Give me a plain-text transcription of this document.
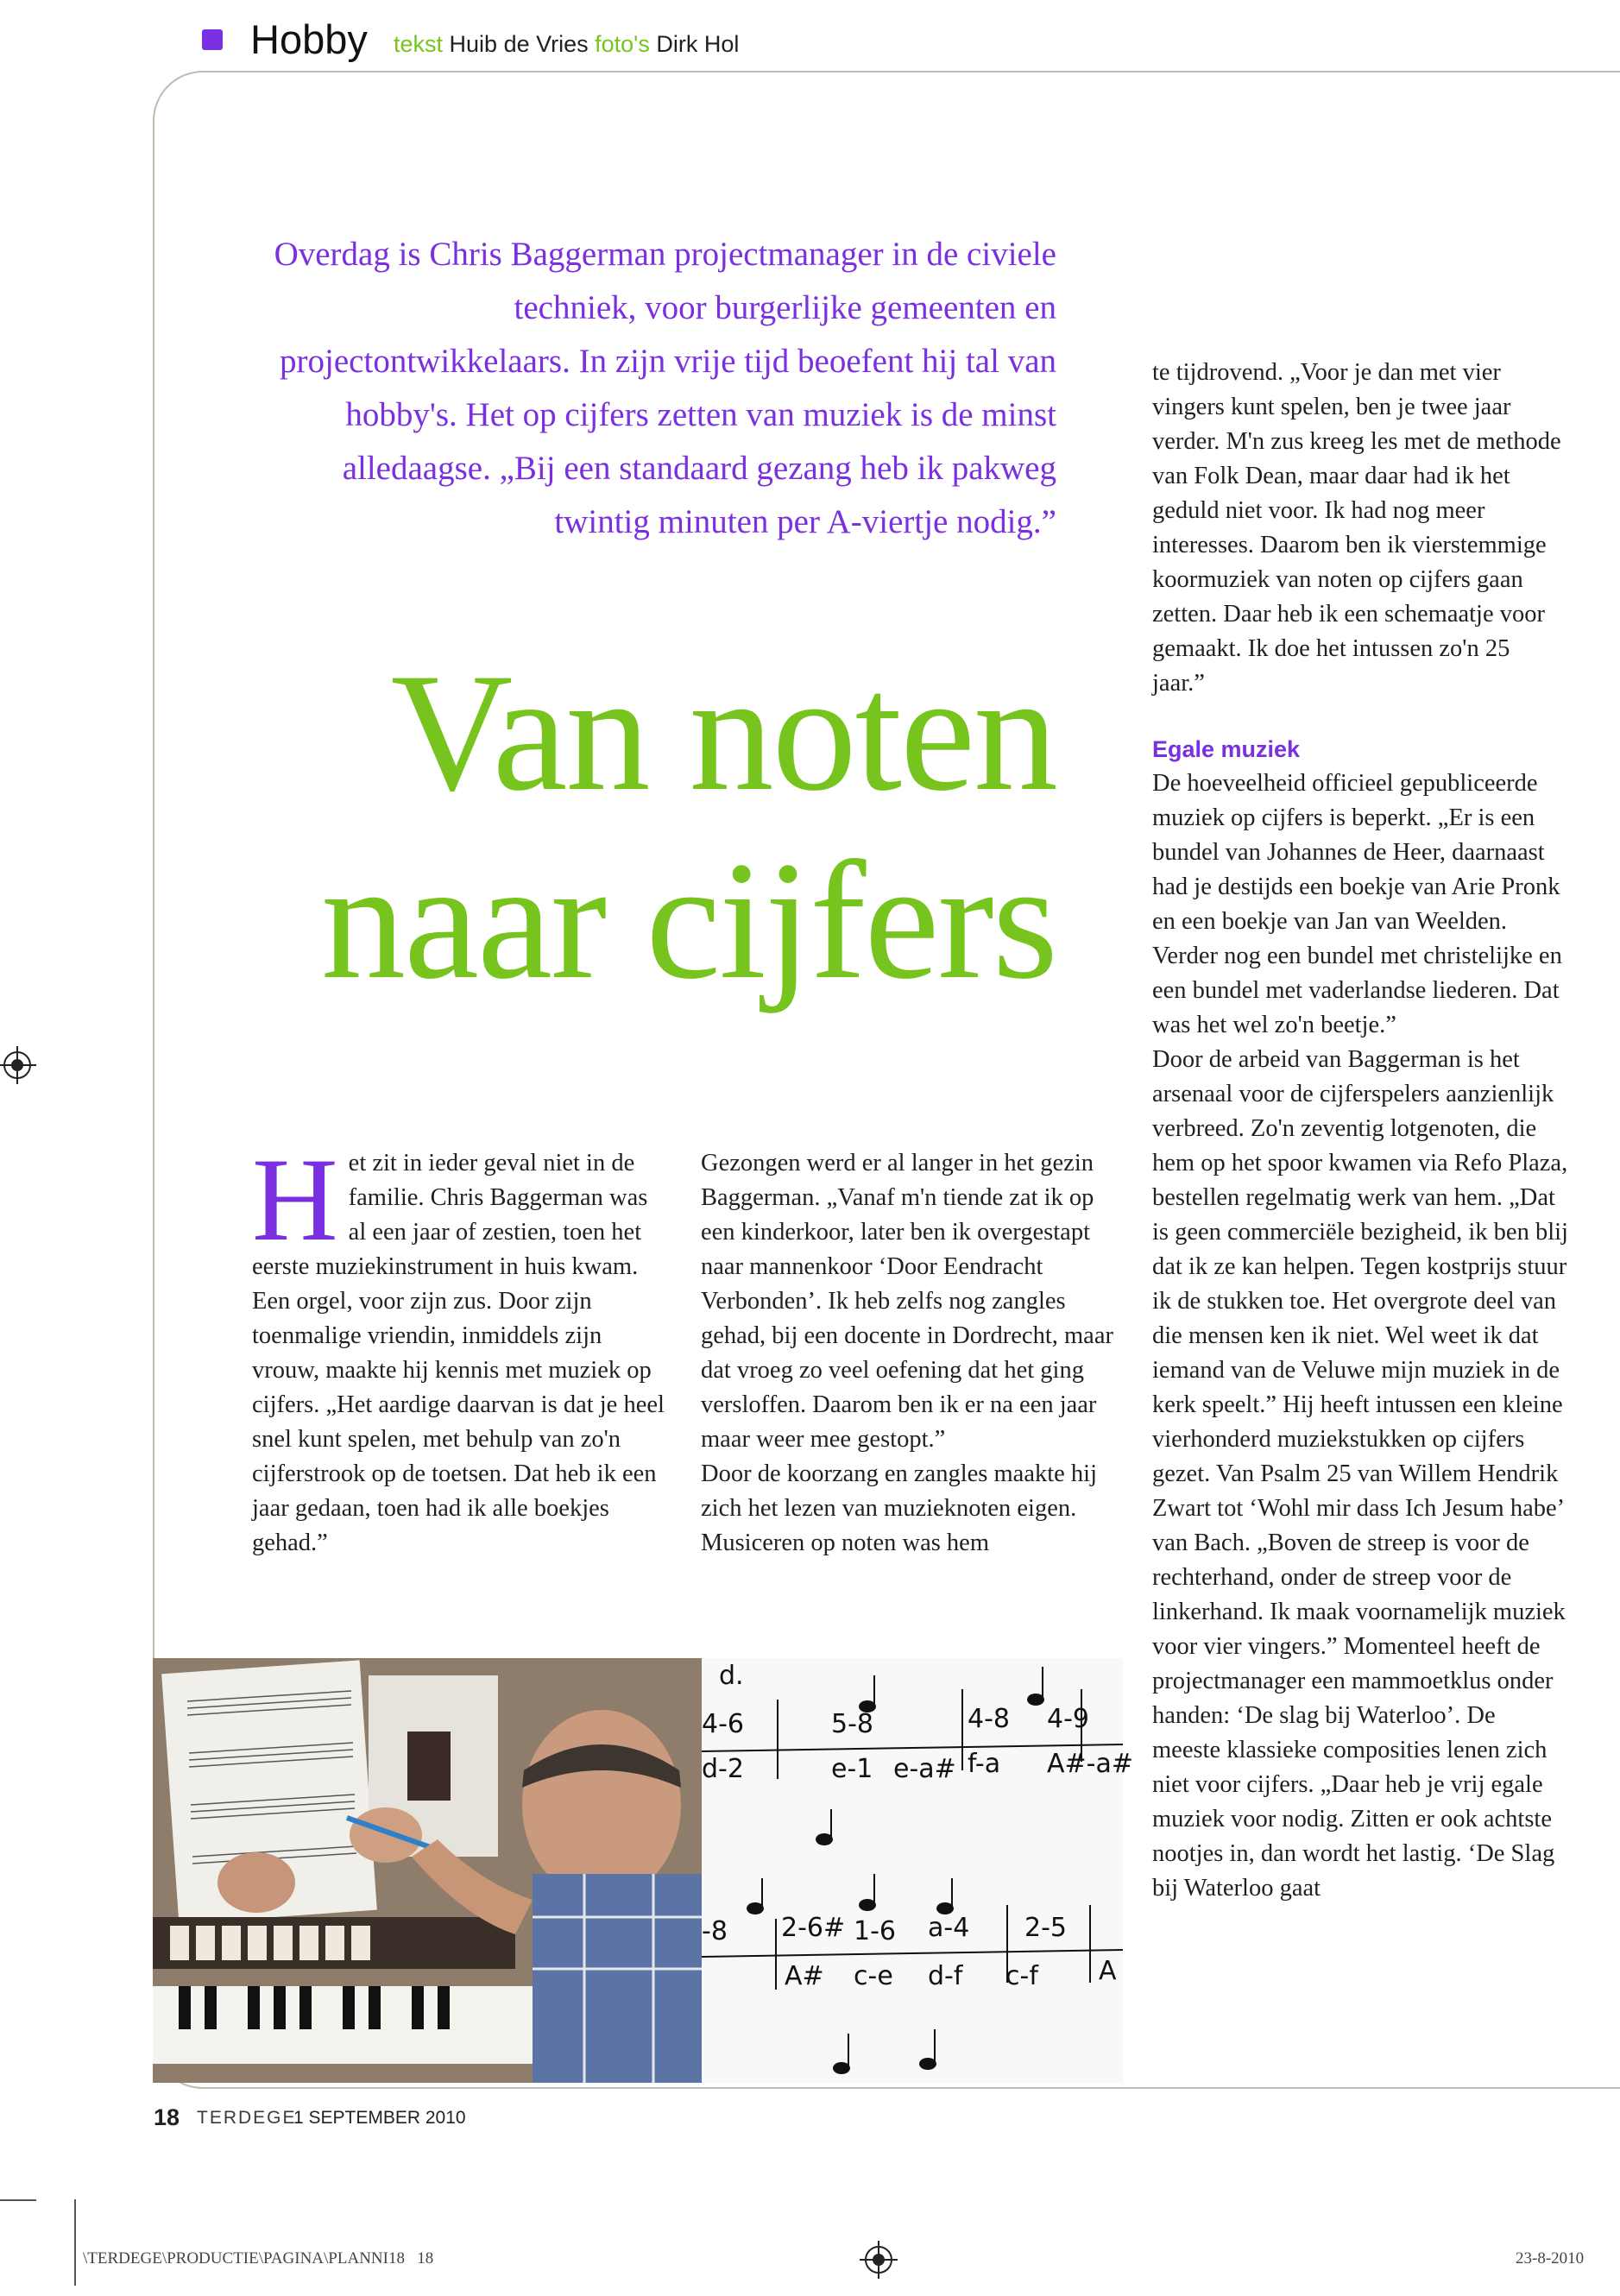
Hobby tekst Huib de Vries foto's Dirk Hol
Overdag is Chris Baggerman projectmanager in de civiele techniek, voor burgerlijke gemeenten en projectontwikkelaars. In zijn vrije tijd beoefent hij tal van hobby's. Het op cijfers zetten van muziek is de minst alledaagse. „Bij een standaard gezang heb ik pakweg twintig minuten per A-viertje nodig.”
Van noten
naar cijfers
H et zit in ieder geval niet in de familie. Chris Baggerman was al een jaar of zestien, toen het eerste muziekinstrument in huis kwam. Een orgel, voor zijn zus. Door zijn toenmalige vriendin, inmiddels zijn vrouw, maakte hij kennis met muziek op cijfers. „Het aardige daarvan is dat je heel snel kunt spelen, met behulp van zo'n cijferstrook op de toetsen. Dat heb ik een jaar gedaan, toen had ik alle boekjes gehad.”

Gezongen werd er al langer in het gezin Baggerman. „Vanaf m'n tiende zat ik op een kinderkoor, later ben ik overgestapt naar mannenkoor ‘Door Eendracht Verbonden’. Ik heb zelfs nog zangles gehad, bij een docente in Dordrecht, maar dat vroeg zo veel oefening dat het ging versloffen. Daarom ben ik er na een jaar maar weer mee gestopt.”

Door de koorzang en zangles maakte hij zich het lezen van muzieknoten eigen. Musiceren op noten was hem

te tijdrovend. „Voor je dan met vier vingers kunt spelen, ben je twee jaar verder. M'n zus kreeg les met de methode van Folk Dean, maar daar had ik het geduld niet voor. Ik had nog meer interesses. Daarom ben ik vierstemmige koormuziek van noten op cijfers gaan zetten. Daar heb ik een schemaatje voor gemaakt. Ik doe het intussen zo'n 25 jaar.”

Egale muziek

De hoeveelheid officieel gepubliceerde muziek op cijfers is beperkt. „Er is een bundel van Johannes de Heer, daarnaast had je destijds een boekje van Arie Pronk en een boekje van Jan van Weelden. Verder nog een bundel met christelijke en een bundel met vaderlandse liederen. Dat was het wel zo'n beetje.”

Door de arbeid van Baggerman is het arsenaal voor de cijferspelers aanzienlijk verbreed. Zo'n zeventig lotgenoten, die hem op het spoor kwamen via Refo Plaza, bestellen regelmatig werk van hem. „Dat is geen commerciële bezigheid, ik ben blij dat ik ze kan helpen. Tegen kostprijs stuur ik de stukken toe. Het overgrote deel van die mensen ken ik niet. Wel weet ik dat iemand van de Veluwe mijn muziek in de kerk speelt.” Hij heeft intussen een kleine vierhonderd muziekstukken op cijfers gezet. Van Psalm 25 van Willem Hendrik Zwart tot ‘Wohl mir dass Ich Jesum habe’ van Bach. „Boven de streep is voor de rechterhand, onder de streep voor de linkerhand. Ik maak voornamelijk muziek voor vier vingers.” Momenteel heeft de projectmanager een mammoetklus onder handen: ‘De slag bij Waterloo’. De meeste klassieke composities lenen zich niet voor cijfers. „Daar heb je vrij egale muziek voor nodig. Zitten er ook achtste nootjes in, dan wordt het lastig. ‘De Slag bij Waterloo gaat

d.
4-6
d-2
5-8
e-1 e-a#
4-8
f-a
4-9
A#-a#
-8 2-6# 1-6 a-4 2-5
A# c-e d-f c-f A
18 TERDEGE
1 SEPTEMBER 2010
\TERDEGE\PRODUCTIE\PAGINA\PLANNI18   18	23-8-2010
